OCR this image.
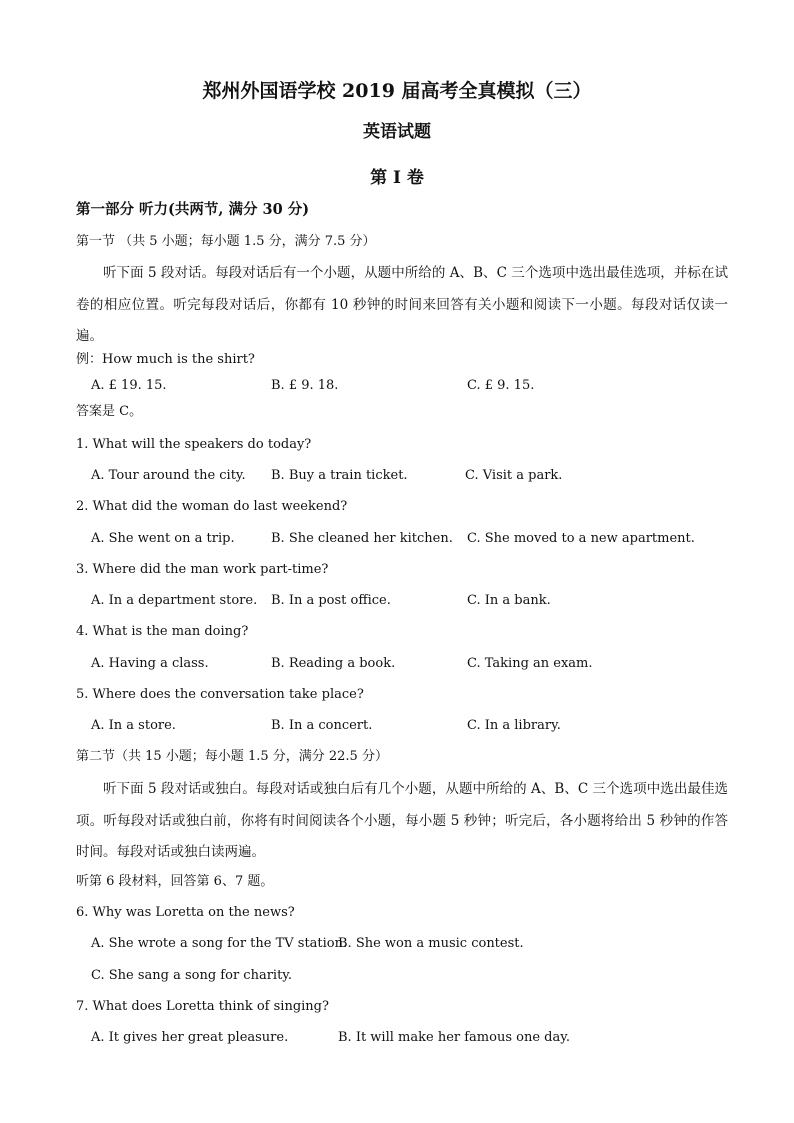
郑州外国语学校 2019 届高考全真模拟（三）
英语试题
第 I 卷
第一部分 听力(共两节, 满分 30 分)
第一节 （共 5 小题；每小题 1.5 分，满分 7.5 分）
听下面 5 段对话。每段对话后有一个小题，从题中所给的 A、B、C 三个选项中选出最佳选项，并标在试卷的相应位置。听完每段对话后，你都有 10 秒钟的时间来回答有关小题和阅读下一小题。每段对话仅读一遍。
例：How much is the shirt?
A. £ 19. 15.	B. £ 9. 18.	C. £ 9. 15.
答案是 C。
1. What will the speakers do today?
A. Tour around the city. B. Buy a train ticket.	C. Visit a park.
2. What did the woman do last weekend?
A. She went on a trip.	B. She cleaned her kitchen. C. She moved to a new apartment.
3. Where did the man work part-time?
A. In a department store. B. In a post office.	C. In a bank.
4. What is the man doing?
A. Having a class.	B. Reading a book.	C. Taking an exam.
5. Where does the conversation take place?
A. In a store.	B. In a concert.	C. In a library.
第二节（共 15 小题；每小题 1.5 分，满分 22.5 分）
听下面 5 段对话或独白。每段对话或独白后有几个小题，从题中所给的 A、B、C 三个选项中选出最佳选项。听每段对话或独白前，你将有时间阅读各个小题，每小题 5 秒钟；听完后，各小题将给出 5 秒钟的作答时间。每段对话或独白读两遍。
听第 6 段材料，回答第 6、7 题。
6. Why was Loretta on the news?
A. She wrote a song for the TV station.
B. She won a music contest.
C. She sang a song for charity.
7. What does Loretta think of singing?
A. It gives her great pleasure.	B. It will make her famous one day.
